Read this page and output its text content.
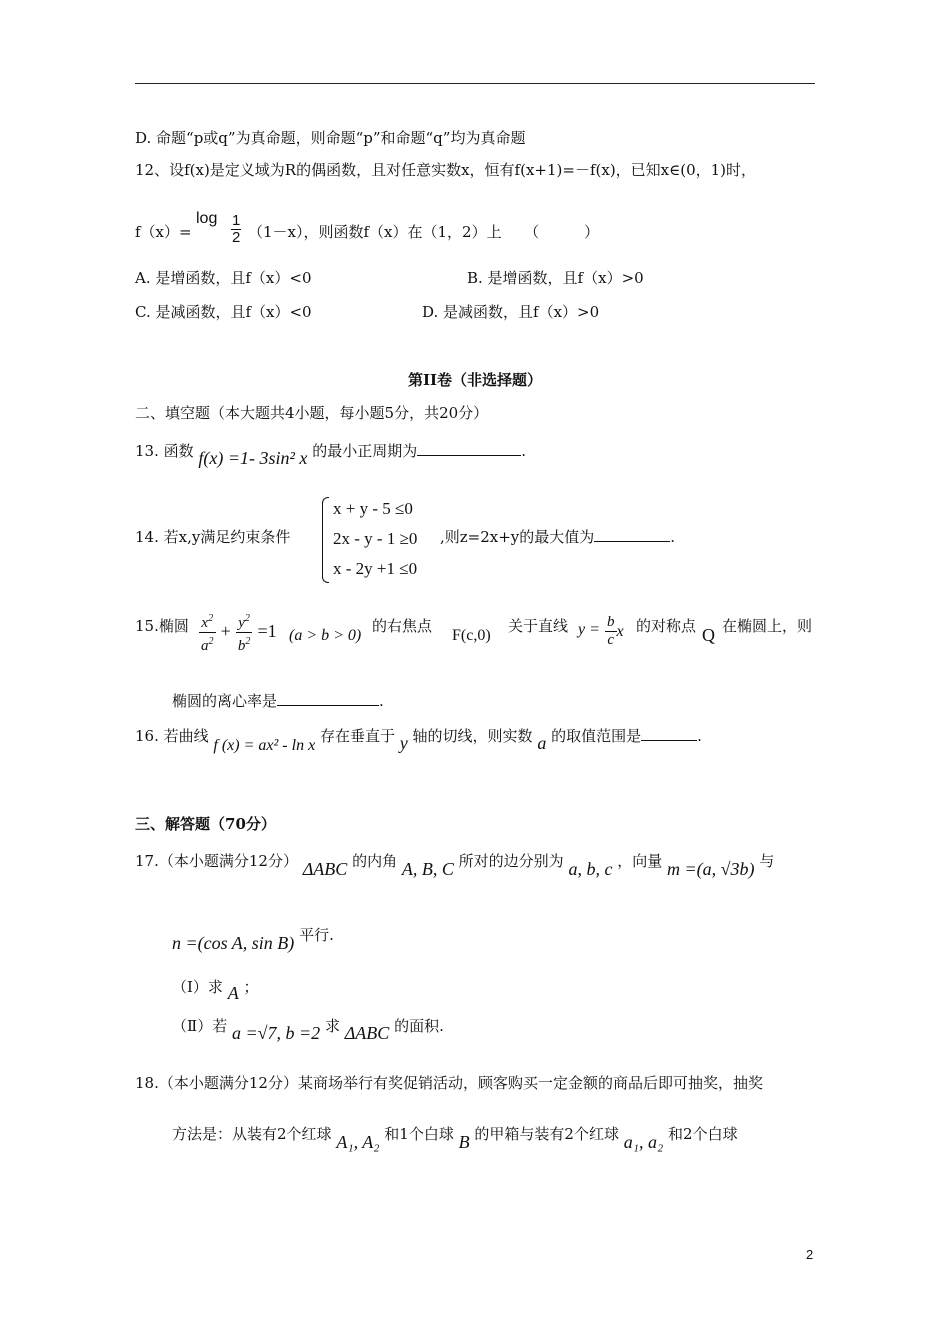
D. 命题“p或q”为真命题，则命题“p”和命题“q”均为真命题
12、设f(x)是定义域为R的偶函数，且对任意实数x，恒有f(x+1)=－f(x)，已知x∈(0，1)时，
f（x）=
log 1
2 （1－x），则函数f（x）在（1，2）上　　（　　　）
A. 是增函数，且f（x）<0	B. 是增函数，且f（x）>0
C. 是减函数，且f（x）<0	D. 是减函数，且f（x）>0
第II卷（非选择题）
二、填空题（本大题共4小题，每小题5分，共20分）
13. 函数 f(x) =1- 3sin² x 的最小正周期为	.
14. 若x,y满足约束条件
x + y - 5 ≤0
2x - y - 1 ≥0
x - 2y +1 ≤0
,则z=2x+y的最大值为	.
15.椭圆 $\frac{x^2}{a^2} + \frac{y^2}{b^2} =1$ (a > b > 0)
的右焦点
F(c,0)
关于直线 $y = \frac{b}{c}$ x 的对称点 Q 在椭圆上，则
椭圆的离心率是	.
16. 若曲线 f (x) = ax² - ln x 存在垂直于 y 轴的切线，则实数 a 的取值范围是	.
三、解答题（70分）
17.（本小题满分12分） ΔABC 的内角 A, B, C 所对的边分别为 a, b, c ，向量 m =(a, √3b) 与
n =(cos A, sin B) 平行.
（Ⅰ）求 A ；
（Ⅱ）若 a =√7, b =2 求 ΔABC 的面积.
18.（本小题满分12分）某商场举行有奖促销活动，顾客购买一定金额的商品后即可抽奖，抽奖
方法是：从装有2个红球 A₁, A₂ 和1个白球 B 的甲箱与装有2个红球 a₁, a₂ 和2个白球
2
